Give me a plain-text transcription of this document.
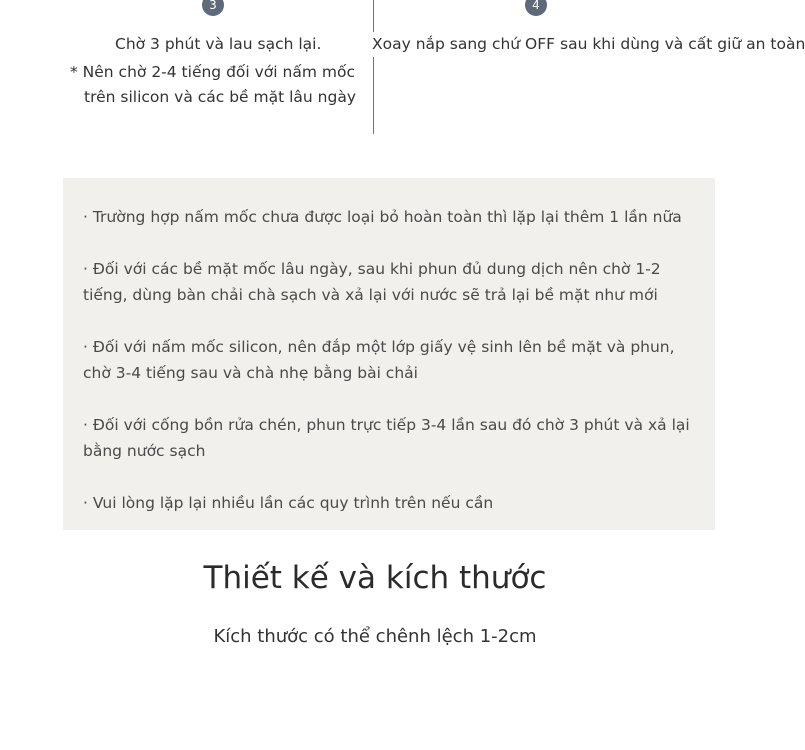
3	4

Chờ 3 phút và lau sạch lại.

* Nên chờ 2-4 tiếng đối với nấm mốc
trên silicon và các bề mặt lâu ngày

Xoay nắp sang chứ OFF sau khi dùng và cất giữ an toàn

· Trường hợp nấm mốc chưa được loại bỏ hoàn toàn thì lặp lại thêm 1 lần nữa

· Đối với các bề mặt mốc lâu ngày, sau khi phun đủ dung dịch nên chờ 1-2 tiếng, dùng bàn chải chà sạch và xả lại với nước sẽ trả lại bề mặt như mới

· Đối với nấm mốc silicon, nên đắp một lớp giấy vệ sinh lên bề mặt và phun, chờ 3-4 tiếng sau và chà nhẹ bằng bài chải

· Đối với cống bồn rửa chén, phun trực tiếp 3-4 lần sau đó chờ 3 phút và xả lại bằng nước sạch

· Vui lòng lặp lại nhiều lần các quy trình trên nếu cần

Thiết kế và kích thước

Kích thước có thể chênh lệch 1-2cm
